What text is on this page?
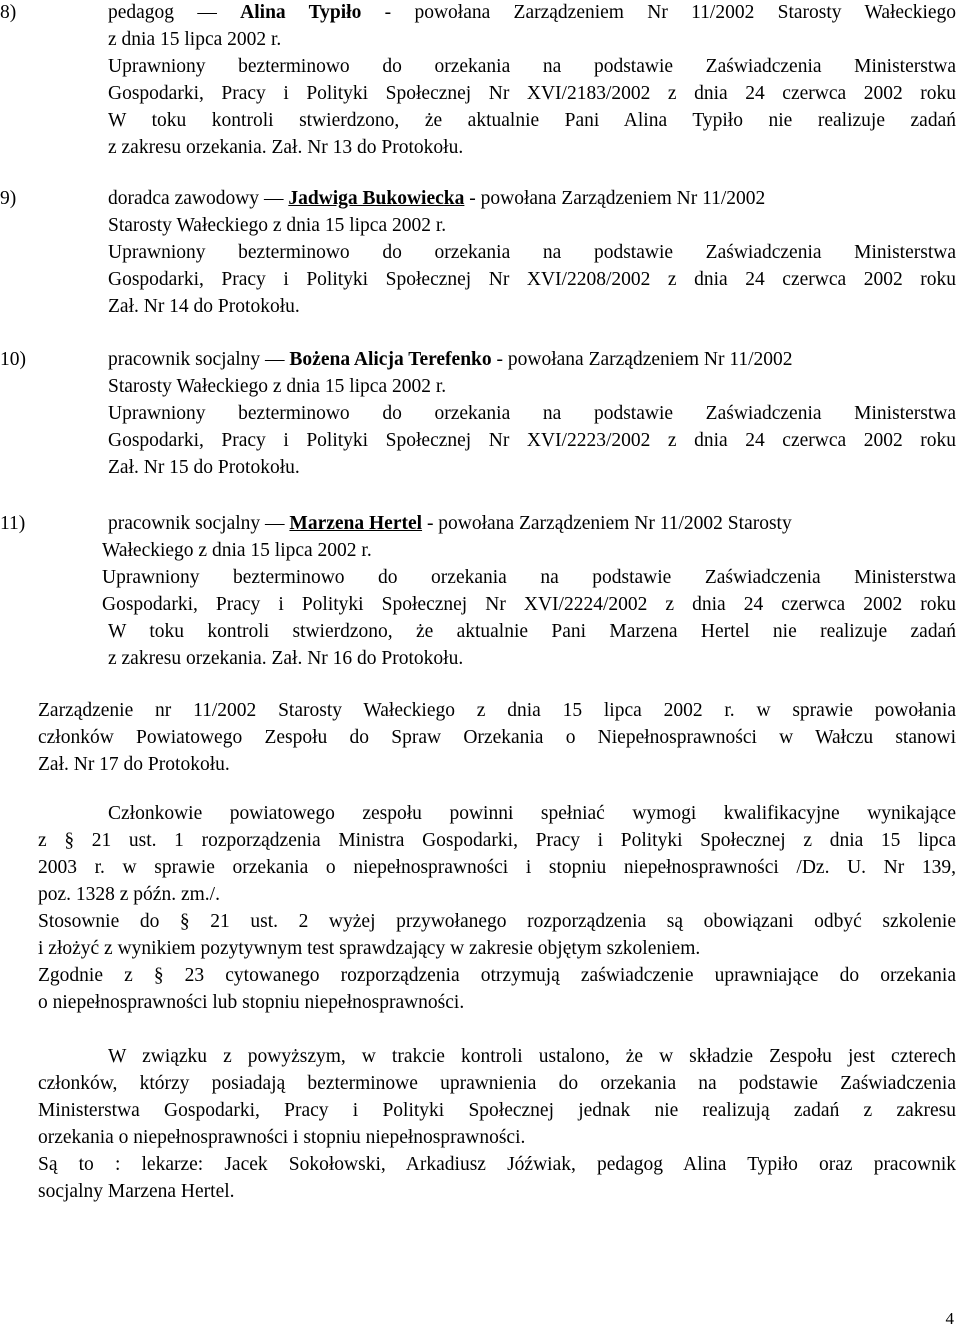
8)	pedagog — Alina Typiło - powołana Zarządzeniem Nr 11/2002 Starosty Wałeckiego
z dnia 15 lipca 2002 r.
Uprawniony bezterminowo do orzekania na podstawie Zaświadczenia Ministerstwa
Gospodarki, Pracy i Polityki Społecznej Nr XVI/2183/2002 z dnia 24 czerwca 2002 roku
W toku kontroli stwierdzono, że aktualnie Pani Alina Typiło nie realizuje zadań
z zakresu orzekania. Zał. Nr 13 do Protokołu.
9)	doradca zawodowy — Jadwiga Bukowiecka - powołana Zarządzeniem Nr 11/2002
Starosty Wałeckiego z dnia 15 lipca 2002 r.
Uprawniony bezterminowo do orzekania na podstawie Zaświadczenia Ministerstwa
Gospodarki, Pracy i Polityki Społecznej Nr XVI/2208/2002 z dnia 24 czerwca 2002 roku
Zał. Nr 14 do Protokołu.
10)	pracownik socjalny — Bożena Alicja Terefenko - powołana Zarządzeniem Nr 11/2002
Starosty Wałeckiego z dnia 15 lipca 2002 r.
Uprawniony bezterminowo do orzekania na podstawie Zaświadczenia Ministerstwa
Gospodarki, Pracy i Polityki Społecznej Nr XVI/2223/2002 z dnia 24 czerwca 2002 roku
Zał. Nr 15 do Protokołu.
11)	pracownik socjalny — Marzena Hertel - powołana Zarządzeniem Nr 11/2002 Starosty
Wałeckiego z dnia 15 lipca 2002 r.
Uprawniony bezterminowo do orzekania na podstawie Zaświadczenia Ministerstwa
Gospodarki, Pracy i Polityki Społecznej Nr XVI/2224/2002 z dnia 24 czerwca 2002 roku
W toku kontroli stwierdzono, że aktualnie Pani Marzena Hertel nie realizuje zadań
z zakresu orzekania. Zał. Nr 16 do Protokołu.
Zarządzenie nr 11/2002 Starosty Wałeckiego z dnia 15 lipca 2002 r. w sprawie powołania
członków Powiatowego Zespołu do Spraw Orzekania o Niepełnosprawności w Wałczu stanowi
Zał. Nr 17 do Protokołu.
Członkowie powiatowego zespołu powinni spełniać wymogi kwalifikacyjne wynikające
z § 21 ust. 1 rozporządzenia Ministra Gospodarki, Pracy i Polityki Społecznej z dnia 15 lipca
2003 r. w sprawie orzekania o niepełnosprawności i stopniu niepełnosprawności /Dz. U. Nr 139,
poz. 1328 z późn. zm./.
Stosownie do § 21 ust. 2 wyżej przywołanego rozporządzenia są obowiązani odbyć szkolenie
i złożyć z wynikiem pozytywnym test sprawdzający w zakresie objętym szkoleniem.
Zgodnie z § 23 cytowanego rozporządzenia otrzymują zaświadczenie uprawniające do orzekania
o niepełnosprawności lub stopniu niepełnosprawności.
W związku z powyższym, w trakcie kontroli ustalono, że w składzie Zespołu jest czterech
członków, którzy posiadają bezterminowe uprawnienia do orzekania na podstawie Zaświadczenia
Ministerstwa Gospodarki, Pracy i Polityki Społecznej jednak nie realizują zadań z zakresu
orzekania o niepełnosprawności i stopniu niepełnosprawności.
Są to : lekarze: Jacek Sokołowski, Arkadiusz Jóźwiak, pedagog Alina Typiło oraz pracownik
socjalny Marzena Hertel.
4
